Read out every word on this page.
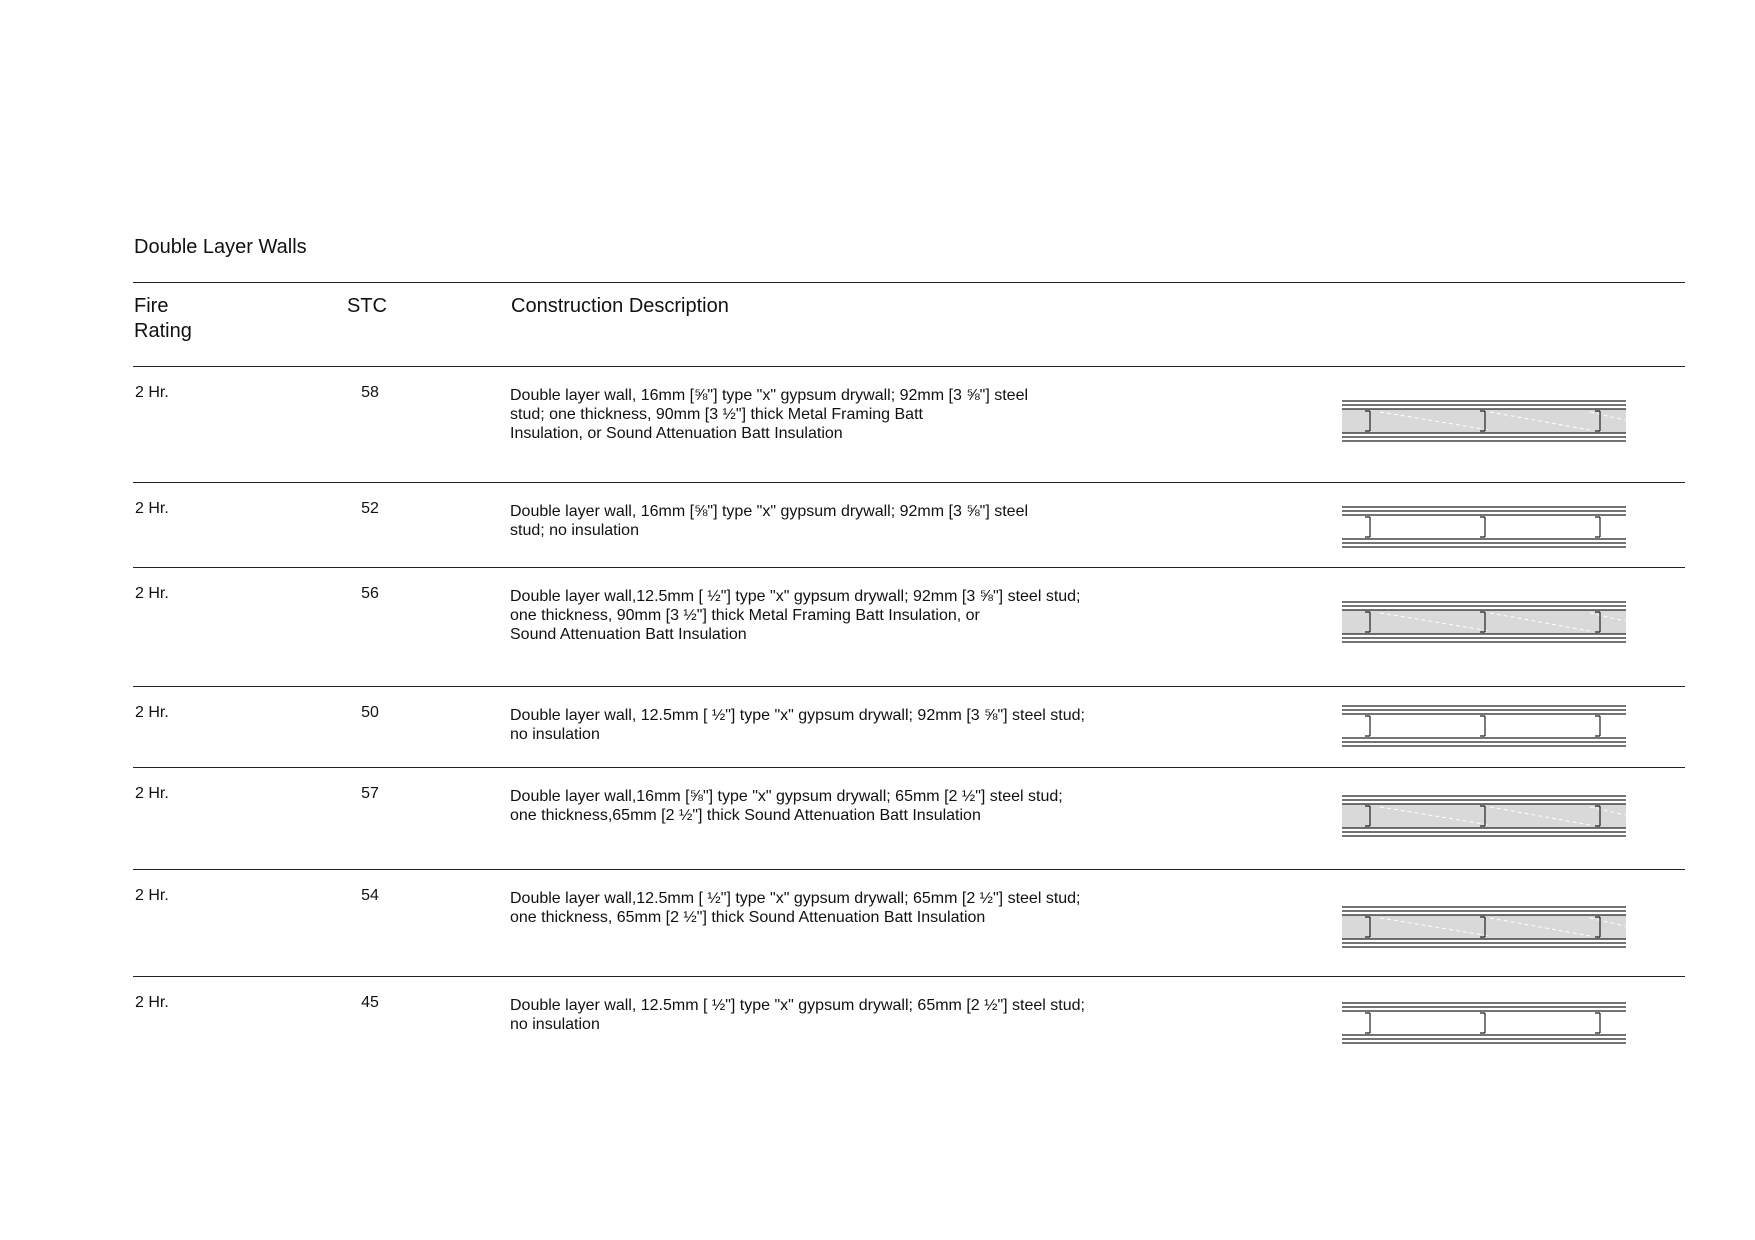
Double Layer Walls
Fire
Rating
STC	Construction Description
2 Hr.	58	Double layer wall, 16mm [⅝"] type "x" gypsum drywall; 92mm [3 ⅝"] steel
stud; one thickness, 90mm [3 ½"] thick Metal Framing Batt
Insulation, or Sound Attenuation Batt Insulation
2 Hr.	52	Double layer wall, 16mm [⅝"] type "x" gypsum drywall; 92mm [3 ⅝"] steel
stud; no insulation
2 Hr.	56	Double layer wall,12.5mm [ ½"] type "x" gypsum drywall; 92mm [3 ⅝"] steel stud;
one thickness, 90mm [3 ½"] thick Metal Framing Batt Insulation, or
Sound Attenuation Batt Insulation
2 Hr.	50	Double layer wall, 12.5mm [ ½"] type "x" gypsum drywall; 92mm [3 ⅝"] steel stud;
no insulation
2 Hr.	57	Double layer wall,16mm [⅝"] type "x" gypsum drywall; 65mm [2 ½"] steel stud;
one thickness,65mm [2 ½"] thick Sound Attenuation Batt Insulation
2 Hr.	54	Double layer wall,12.5mm [ ½"] type "x" gypsum drywall; 65mm [2 ½"] steel stud;
one thickness, 65mm [2 ½"] thick Sound Attenuation Batt Insulation
2 Hr.	45	Double layer wall, 12.5mm [ ½"] type "x" gypsum drywall; 65mm [2 ½"] steel stud;
no insulation
